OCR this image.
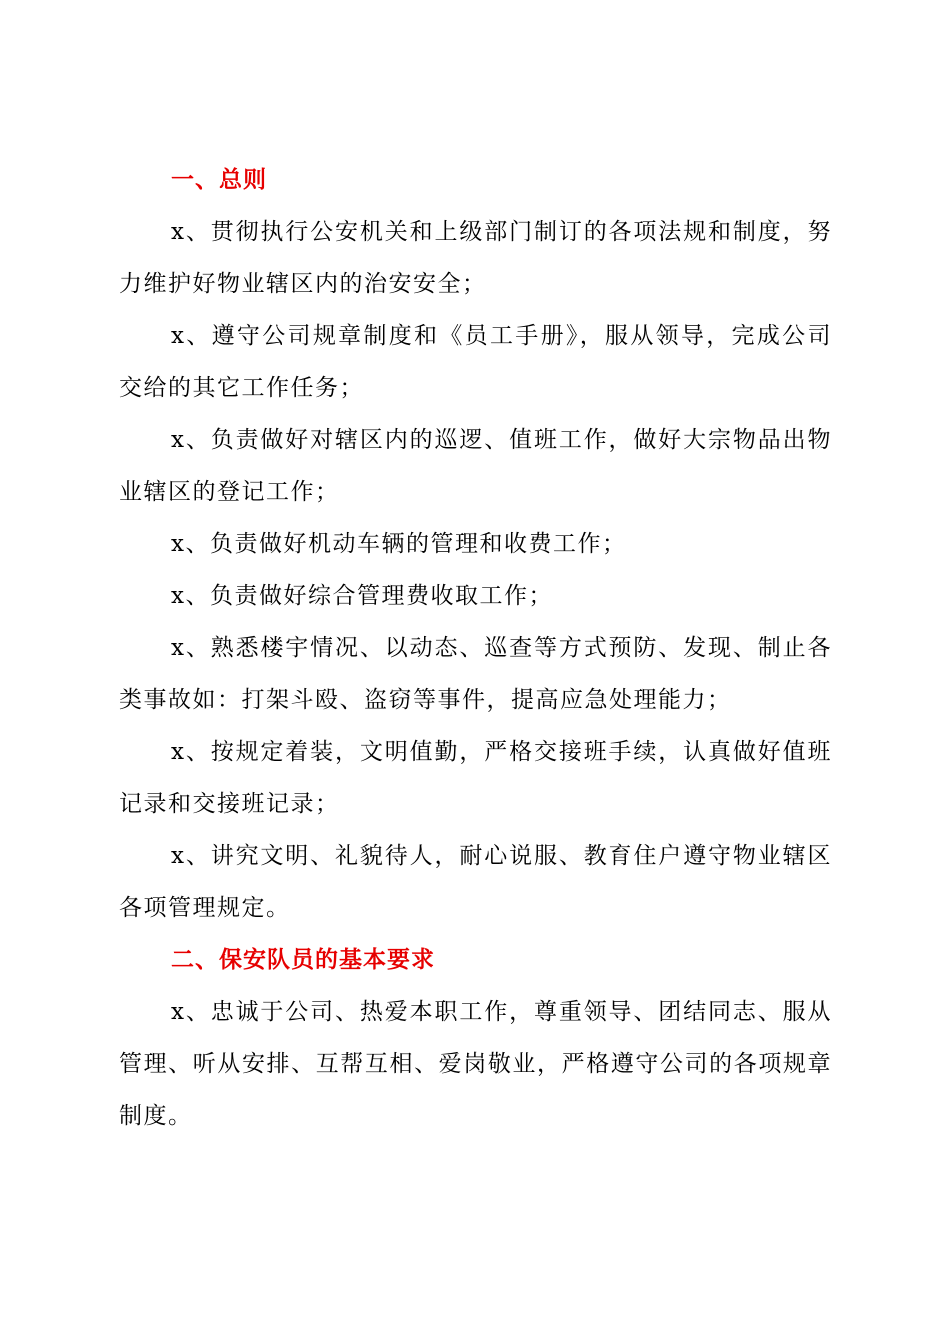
一、总则

x、贯彻执行公安机关和上级部门制订的各项法规和制度，努力维护好物业辖区内的治安安全；

x、遵守公司规章制度和《员工手册》，服从领导，完成公司交给的其它工作任务；

x、负责做好对辖区内的巡逻、值班工作，做好大宗物品出物业辖区的登记工作；

x、负责做好机动车辆的管理和收费工作；

x、负责做好综合管理费收取工作；

x、熟悉楼宇情况、以动态、巡查等方式预防、发现、制止各类事故如：打架斗殴、盗窃等事件，提高应急处理能力；

x、按规定着装，文明值勤，严格交接班手续，认真做好值班记录和交接班记录；

x、讲究文明、礼貌待人，耐心说服、教育住户遵守物业辖区各项管理规定。

二、保安队员的基本要求

x、忠诚于公司、热爱本职工作，尊重领导、团结同志、服从管理、听从安排、互帮互相、爱岗敬业，严格遵守公司的各项规章制度。
